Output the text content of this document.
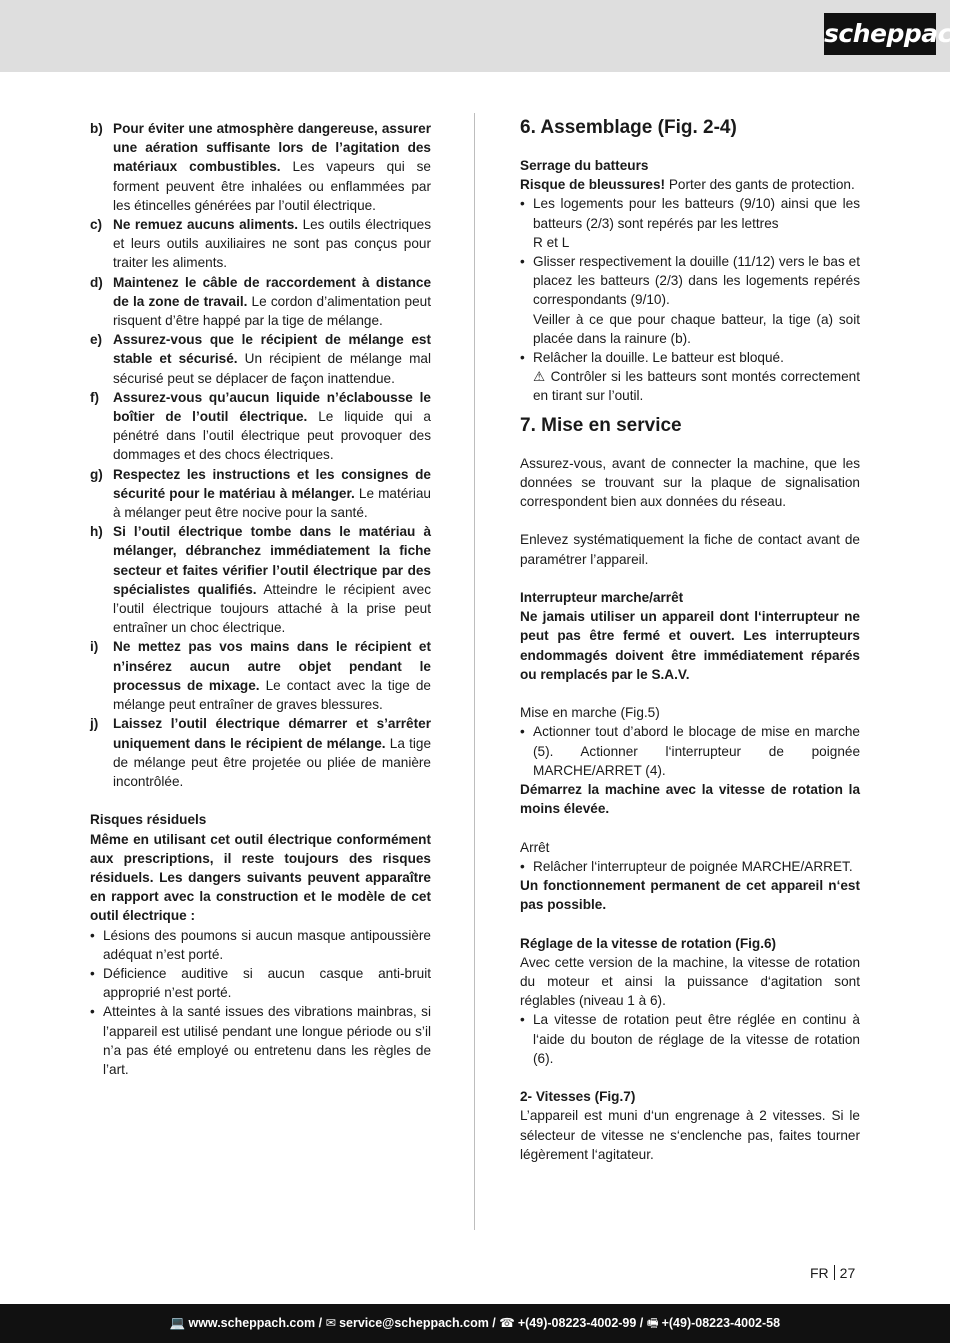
scheppach
b) Pour éviter une atmosphère dangereuse, assurer une aération suffisante lors de l’agitation des matériaux combustibles. Les vapeurs qui se forment peuvent être inhalées ou enflammées par les étincelles générées par l’outil électrique.
c) Ne remuez aucuns aliments. Les outils électriques et leurs outils auxiliaires ne sont pas conçus pour traiter les aliments.
d) Maintenez le câble de raccordement à distance de la zone de travail. Le cordon d’alimentation peut risquent d’être happé par la tige de mélange.
e) Assurez-vous que le récipient de mélange est stable et sécurisé. Un récipient de mélange mal sécurisé peut se déplacer de façon inattendue.
f)	Assurez-vous qu’aucun liquide n’éclabousse le boîtier de l’outil électrique. Le liquide qui a pénétré dans l’outil électrique peut provoquer des dommages et des chocs électriques.
g) Respectez les instructions et les consignes de sécurité pour le matériau à mélanger. Le matériau à mélanger peut être nocive pour la santé.
h) Si l’outil électrique tombe dans le matériau à mélanger, débranchez immédiatement la fiche secteur et faites vérifier l’outil électrique par des spécialistes qualifiés. Atteindre le récipient avec l’outil électrique toujours attaché à la prise peut entraîner un choc électrique.
i)	Ne mettez pas vos mains dans le récipient et n’insérez aucun autre objet pendant le processus de mixage. Le contact avec la tige de mélange peut entraîner de graves blessures.
j)	Laissez l’outil électrique démarrer et s’arrêter uniquement dans le récipient de mélange. La tige de mélange peut être projetée ou pliée de manière incontrôlée.
Risques résiduels
Même en utilisant cet outil électrique conformément aux prescriptions, il reste toujours des risques résiduels. Les dangers suivants peuvent apparaître en rapport avec la construction et le modèle de cet outil électrique :
• Lésions des poumons si aucun masque antipoussière adéquat n’est porté.
• Déficience auditive si aucun casque anti-bruit approprié n’est porté.
• Atteintes à la santé issues des vibrations mainbras, si l’appareil est utilisé pendant une longue période ou s’il n’a pas été employé ou entretenu dans les règles de l’art.
6. Assemblage (Fig. 2-4)
Serrage du batteurs
Risque de bleussures! Porter des gants de protection.
• Les logements pour les batteurs (9/10) ainsi que les batteurs (2/3) sont repérés par les lettres
R et L
• Glisser respectivement la douille (11/12) vers le bas et placez les batteurs (2/3) dans les logements repérés correspondants (9/10).
Veiller à ce que pour chaque batteur, la tige (a) soit placée dans la rainure (b).
• Relâcher la douille. Le batteur est bloqué.
⚠ Contrôler si les batteurs sont montés correctement en tirant sur l’outil.
7. Mise en service
Assurez-vous, avant de connecter la machine, que les données se trouvant sur la plaque de signalisation correspondent bien aux données du réseau.
Enlevez systématiquement la fiche de contact avant de paramétrer l’appareil.
Interrupteur marche/arrêt
Ne jamais utiliser un appareil dont l‘interrupteur ne peut pas être fermé et ouvert. Les interrupteurs endommagés doivent être immédiatement réparés ou remplacés par le S.A.V.
Mise en marche (Fig.5)
• Actionner tout d’abord le blocage de mise en marche (5). Actionner l‘interrupteur de poignée MARCHE/ARRET (4).
Démarrez la machine avec la vitesse de rotation la moins élevée.
Arrêt
• Relâcher l‘interrupteur de poignée MARCHE/ARRET.
Un fonctionnement permanent de cet appareil n‘est pas possible.
Réglage de la vitesse de rotation (Fig.6)
Avec cette version de la machine, la vitesse de rotation du moteur et ainsi la puissance d‘agitation sont réglables (niveau 1 à 6).
• La vitesse de rotation peut être réglée en continu à l‘aide du bouton de réglage de la vitesse de rotation (6).
2- Vitesses (Fig.7)
L’appareil est muni d‘un engrenage à 2 vitesses. Si le sélecteur de vitesse ne s‘enclenche pas, faites tourner légèrement l‘agitateur.
FR 27
💻 www.scheppach.com / ✉ service@scheppach.com / ☎ +(49)-08223-4002-99 / 🖷 +(49)-08223-4002-58
